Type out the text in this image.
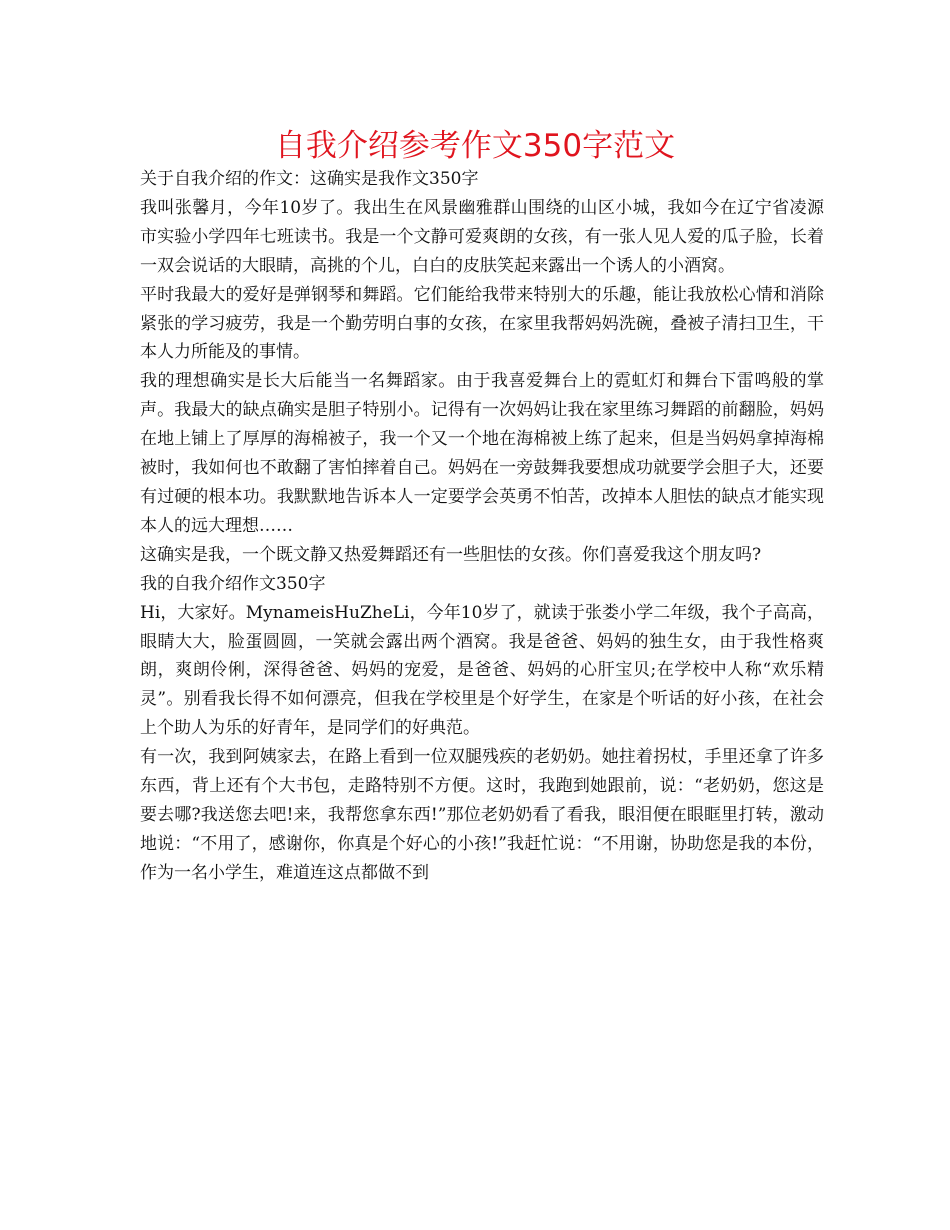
自我介绍参考作文350字范文

关于自我介绍的作文：这确实是我作文350字

我叫张馨月，今年10岁了。我出生在风景幽雅群山围绕的山区小城，我如今在辽宁省凌源市实验小学四年七班读书。我是一个文静可爱爽朗的女孩，有一张人见人爱的瓜子脸，长着一双会说话的大眼睛，高挑的个儿，白白的皮肤笑起来露出一个诱人的小酒窝。

平时我最大的爱好是弹钢琴和舞蹈。它们能给我带来特别大的乐趣，能让我放松心情和消除紧张的学习疲劳，我是一个勤劳明白事的女孩，在家里我帮妈妈洗碗，叠被子清扫卫生，干本人力所能及的事情。

我的理想确实是长大后能当一名舞蹈家。由于我喜爱舞台上的霓虹灯和舞台下雷鸣般的掌声。我最大的缺点确实是胆子特别小。记得有一次妈妈让我在家里练习舞蹈的前翻脸，妈妈在地上铺上了厚厚的海棉被子，我一个又一个地在海棉被上练了起来，但是当妈妈拿掉海棉被时，我如何也不敢翻了害怕摔着自己。妈妈在一旁鼓舞我要想成功就要学会胆子大，还要有过硬的根本功。我默默地告诉本人一定要学会英勇不怕苦，改掉本人胆怯的缺点才能实现本人的远大理想……

这确实是我，一个既文静又热爱舞蹈还有一些胆怯的女孩。你们喜爱我这个朋友吗?

我的自我介绍作文350字

Hi，大家好。MynameisHuZheLi，今年10岁了，就读于张娄小学二年级，我个子高高，眼睛大大，脸蛋圆圆，一笑就会露出两个酒窝。我是爸爸、妈妈的独生女，由于我性格爽朗，爽朗伶俐，深得爸爸、妈妈的宠爱，是爸爸、妈妈的心肝宝贝;在学校中人称“欢乐精灵”。别看我长得不如何漂亮，但我在学校里是个好学生，在家是个听话的好小孩，在社会上个助人为乐的好青年，是同学们的好典范。

有一次，我到阿姨家去，在路上看到一位双腿残疾的老奶奶。她拄着拐杖，手里还拿了许多东西，背上还有个大书包，走路特别不方便。这时，我跑到她跟前，说：“老奶奶，您这是要去哪?我送您去吧!来，我帮您拿东西!”那位老奶奶看了看我，眼泪便在眼眶里打转，激动地说：“不用了，感谢你，你真是个好心的小孩!”我赶忙说：“不用谢，协助您是我的本份，作为一名小学生，难道连这点都做不到
